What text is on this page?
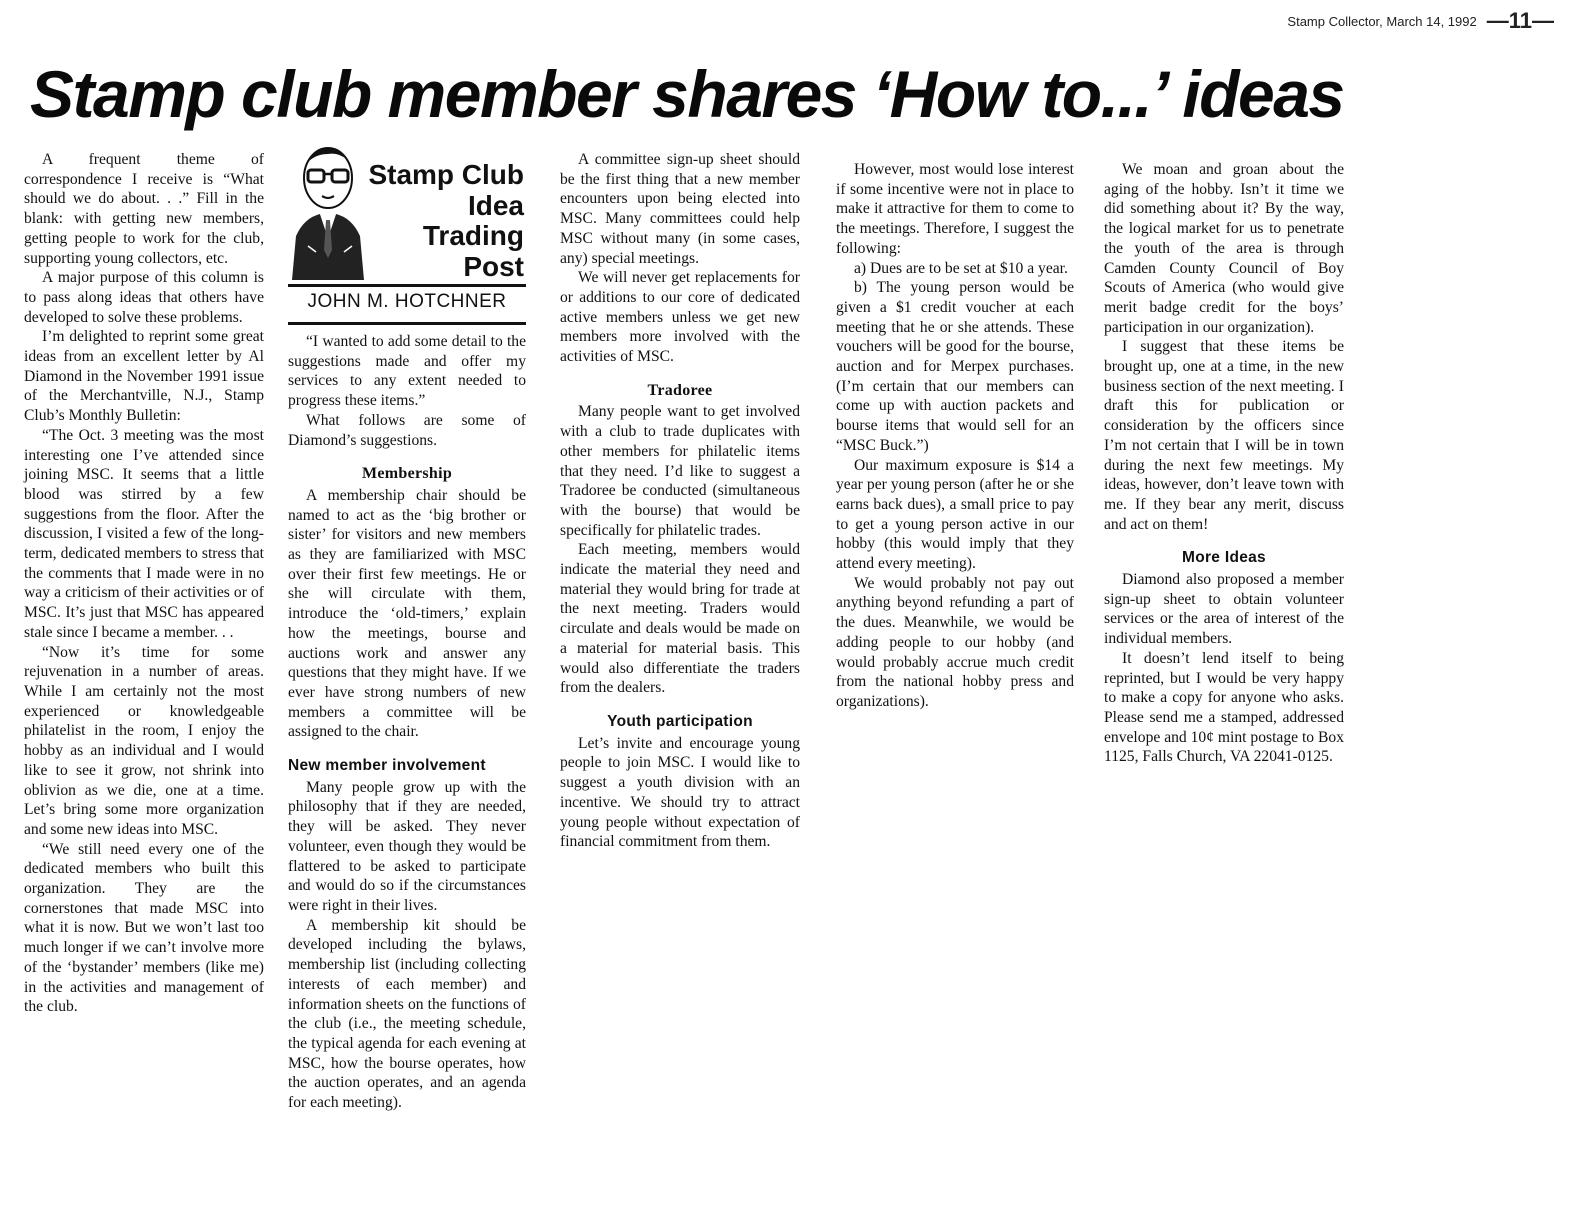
Stamp Collector, March 14, 1992 —11—
Stamp club member shares ‘How to...’ ideas

A frequent theme of correspondence I receive is “What should we do about. . .” Fill in the blank: with getting new members, getting people to work for the club, supporting young collectors, etc.

A major purpose of this column is to pass along ideas that others have developed to solve these problems.

I’m delighted to reprint some great ideas from an excellent letter by Al Diamond in the November 1991 issue of the Merchantville, N.J., Stamp Club’s Monthly Bulletin:

“The Oct. 3 meeting was the most interesting one I’ve attended since joining MSC. It seems that a little blood was stirred by a few suggestions from the floor. After the discussion, I visited a few of the long-term, dedicated members to stress that the comments that I made were in no way a criticism of their activities or of MSC. It’s just that MSC has appeared stale since I became a member. . .

“Now it’s time for some rejuvenation in a number of areas. While I am certainly not the most experienced or knowledgeable philatelist in the room, I enjoy the hobby as an individual and I would like to see it grow, not shrink into oblivion as we die, one at a time. Let’s bring some more organization and some new ideas into MSC.

“We still need every one of the dedicated members who built this organization. They are the cornerstones that made MSC into what it is now. But we won’t last too much longer if we can’t involve more of the ‘bystander’ members (like me) in the activities and management of the club.

Stamp Club
Idea
Trading
Post
JOHN M. HOTCHNER

“I wanted to add some detail to the suggestions made and offer my services to any extent needed to progress these items.”

What follows are some of Diamond’s suggestions.

Membership

A membership chair should be named to act as the ‘big brother or sister’ for visitors and new members as they are familiarized with MSC over their first few meetings. He or she will circulate with them, introduce the ‘old-timers,’ explain how the meetings, bourse and auctions work and answer any questions that they might have. If we ever have strong numbers of new members a committee will be assigned to the chair.

New member involvement

Many people grow up with the philosophy that if they are needed, they will be asked. They never volunteer, even though they would be flattered to be asked to participate and would do so if the circumstances were right in their lives.

A membership kit should be developed including the bylaws, membership list (including collecting interests of each member) and information sheets on the functions of the club (i.e., the meeting schedule, the typical agenda for each evening at MSC, how the bourse operates, how the auction operates, and an agenda for each meeting).

A committee sign-up sheet should be the first thing that a new member encounters upon being elected into MSC. Many committees could help MSC without many (in some cases, any) special meetings.

We will never get replacements for or additions to our core of dedicated active members unless we get new members more involved with the activities of MSC.

Tradoree

Many people want to get involved with a club to trade duplicates with other members for philatelic items that they need. I’d like to suggest a Tradoree be conducted (simultaneous with the bourse) that would be specifically for philatelic trades.

Each meeting, members would indicate the material they need and material they would bring for trade at the next meeting. Traders would circulate and deals would be made on a material for material basis. This would also differentiate the traders from the dealers.

Youth participation

Let’s invite and encourage young people to join MSC. I would like to suggest a youth division with an incentive. We should try to attract young people without expectation of financial commitment from them.

However, most would lose interest if some incentive were not in place to make it attractive for them to come to the meetings. Therefore, I suggest the following:

a) Dues are to be set at $10 a year.

b) The young person would be given a $1 credit voucher at each meeting that he or she attends. These vouchers will be good for the bourse, auction and for Merpex purchases. (I’m certain that our members can come up with auction packets and bourse items that would sell for an “MSC Buck.”)

Our maximum exposure is $14 a year per young person (after he or she earns back dues), a small price to pay to get a young person active in our hobby (this would imply that they attend every meeting).

We would probably not pay out anything beyond refunding a part of the dues. Meanwhile, we would be adding people to our hobby (and would probably accrue much credit from the national hobby press and organizations).

We moan and groan about the aging of the hobby. Isn’t it time we did something about it? By the way, the logical market for us to penetrate the youth of the area is through Camden County Council of Boy Scouts of America (who would give merit badge credit for the boys’ participation in our organization).

I suggest that these items be brought up, one at a time, in the new business section of the next meeting. I draft this for publication or consideration by the officers since I’m not certain that I will be in town during the next few meetings. My ideas, however, don’t leave town with me. If they bear any merit, discuss and act on them!

More Ideas

Diamond also proposed a member sign-up sheet to obtain volunteer services or the area of interest of the individual members.

It doesn’t lend itself to being reprinted, but I would be very happy to make a copy for anyone who asks. Please send me a stamped, addressed envelope and 10¢ mint postage to Box 1125, Falls Church, VA 22041-0125.
